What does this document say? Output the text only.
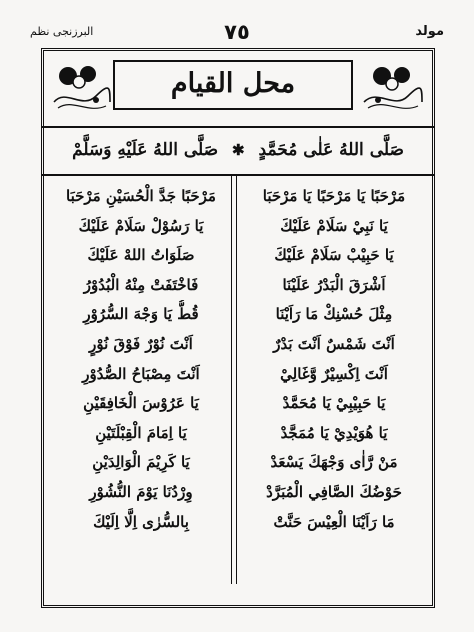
مولد
٧٥
البرزنجی نظم
محل القيام
صَلَّى اللهُ عَلٰى مُحَمَّدٍ ✱ صَلَّى اللهُ عَلَيْهِ وَسَلَّمْ
مَرْحَبًا يَا مَرْحَبًا يَا مَرْحَبَا
يَا نَبِيْ سَلَامْ عَلَيْكَ
يَا حَبِيْبْ سَلَامْ عَلَيْكَ
اَشْرَقَ الْبَدْرُ عَلَيْنَا
مِثْلَ حُسْنِكْ مَا رَاَيْنَا
اَنْتَ شَمْسٌ اَنْتَ بَدْرٌ
اَنْتَ اِكْسِيْرٌ وَّغَالِيْ
يَا حَبِيْبِيْ يَا مُحَمَّدْ
يَا هُوَيْدِيْ يَا مُمَجَّدْ
مَنْ رَّاٰى وَجْهَكَ يَسْعَدْ
حَوْضُكَ الصَّافِي الْمُبَرَّدْ
مَا رَاَيْنَا الْعِيْسَ حَنَّتْ
مَرْحَبًا جَدَّ الْحُسَيْنِ مَرْحَبَا
يَا رَسُوْلْ سَلَامْ عَلَيْكَ
صَلَوَاتُ اللهْ عَلَيْكَ
فَاخْتَفَتْ مِنْهُ الْبُدُوْرُ
قُطُّ يَا وَجْهَ السُّرُوْرِ
اَنْتَ نُوْرٌ فَوْقَ نُوْرٍ
اَنْتَ مِصْبَاحُ الصُّدُوْرِ
يَا عَرُوْسَ الْخَافِقَيْنِ
يَا اِمَامَ الْقِبْلَتَيْنِ
يَا كَرِيْمَ الْوَالِدَيْنِ
وِرْدُنَا يَوْمَ النُّشُوْرِ
بِالسُّرٰى اِلَّا اِلَيْكَ
